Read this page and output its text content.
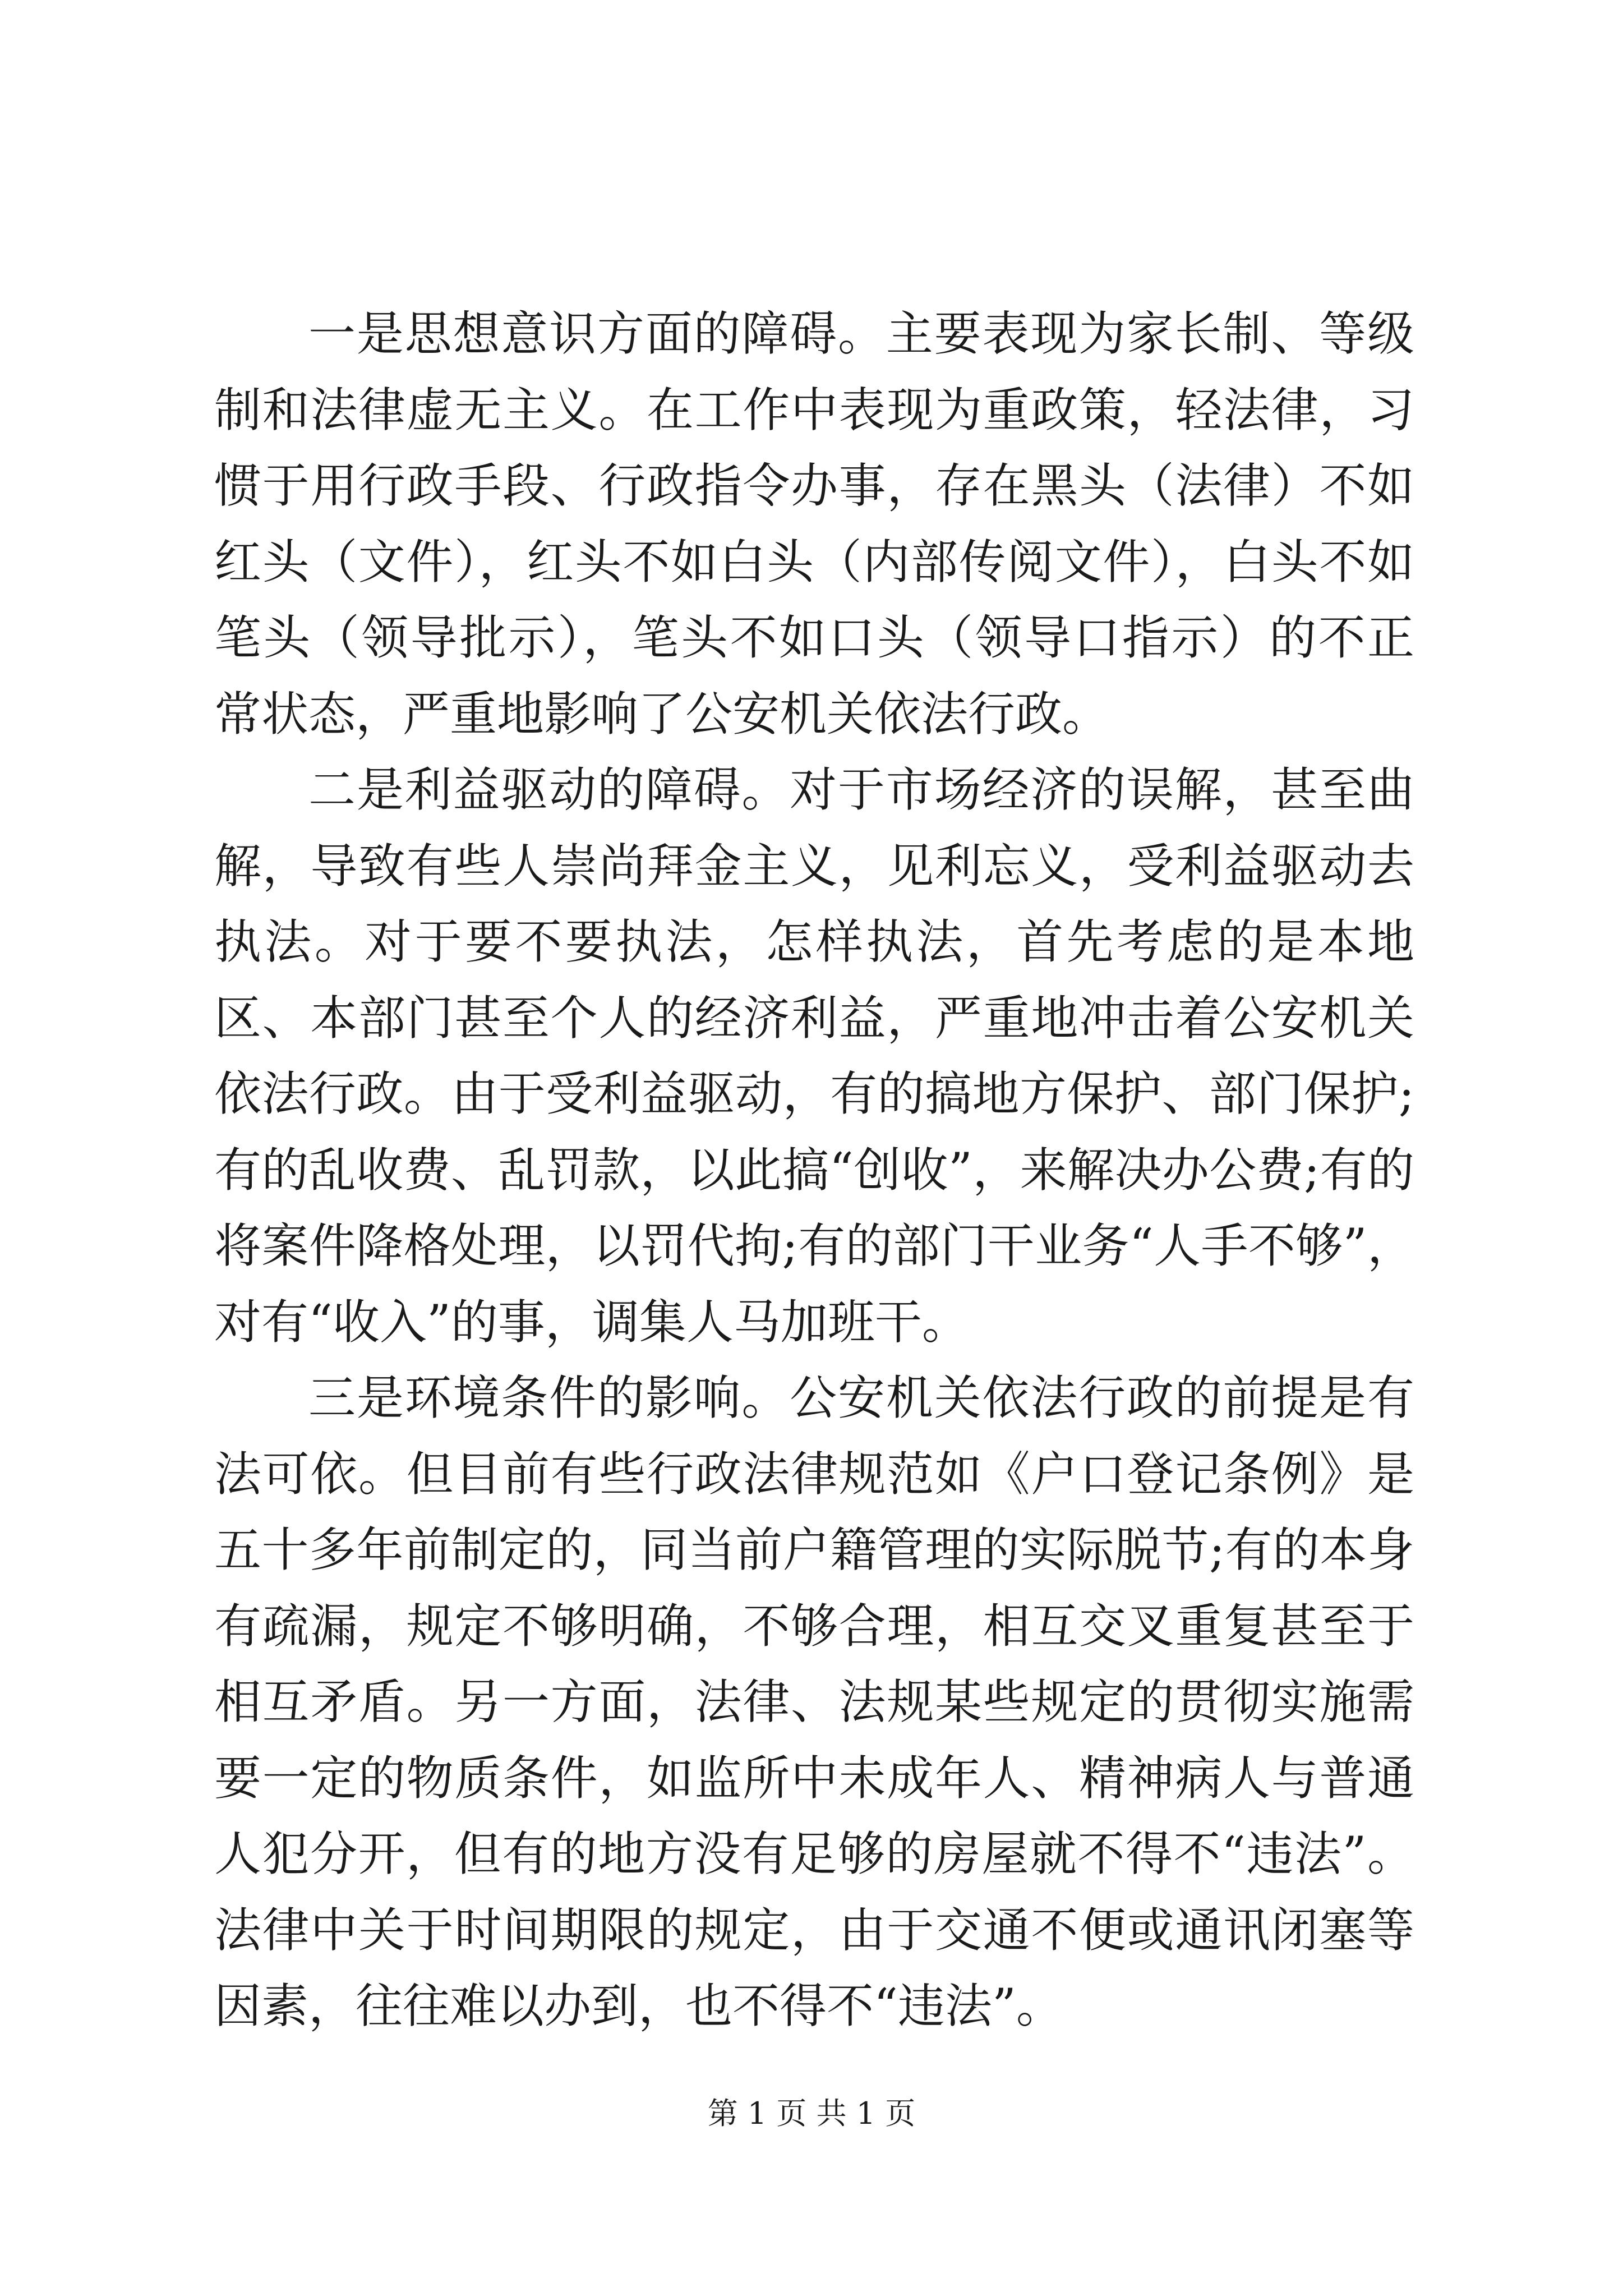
一是思想意识方面的障碍。主要表现为家长制、等级制和法律虚无主义。在工作中表现为重政策，轻法律，习惯于用行政手段、行政指令办事，存在黑头（法律）不如红头（文件），红头不如白头（内部传阅文件），白头不如笔头（领导批示），笔头不如口头（领导口指示）的不正常状态，严重地影响了公安机关依法行政。

二是利益驱动的障碍。对于市场经济的误解，甚至曲解，导致有些人崇尚拜金主义，见利忘义，受利益驱动去执法。对于要不要执法，怎样执法，首先考虑的是本地区、本部门甚至个人的经济利益，严重地冲击着公安机关依法行政。由于受利益驱动，有的搞地方保护、部门保护;有的乱收费、乱罚款，以此搞“创收”，来解决办公费;有的将案件降格处理，以罚代拘;有的部门干业务“人手不够”，对有“收入”的事，调集人马加班干。

三是环境条件的影响。公安机关依法行政的前提是有法可依。但目前有些行政法律规范如《户口登记条例》是五十多年前制定的，同当前户籍管理的实际脱节;有的本身有疏漏，规定不够明确，不够合理，相互交叉重复甚至于相互矛盾。另一方面，法律、法规某些规定的贯彻实施需要一定的物质条件，如监所中未成年人、精神病人与普通人犯分开，但有的地方没有足够的房屋就不得不“违法”。法律中关于时间期限的规定，由于交通不便或通讯闭塞等因素，往往难以办到，也不得不“违法”。

第 1 页 共 1 页
